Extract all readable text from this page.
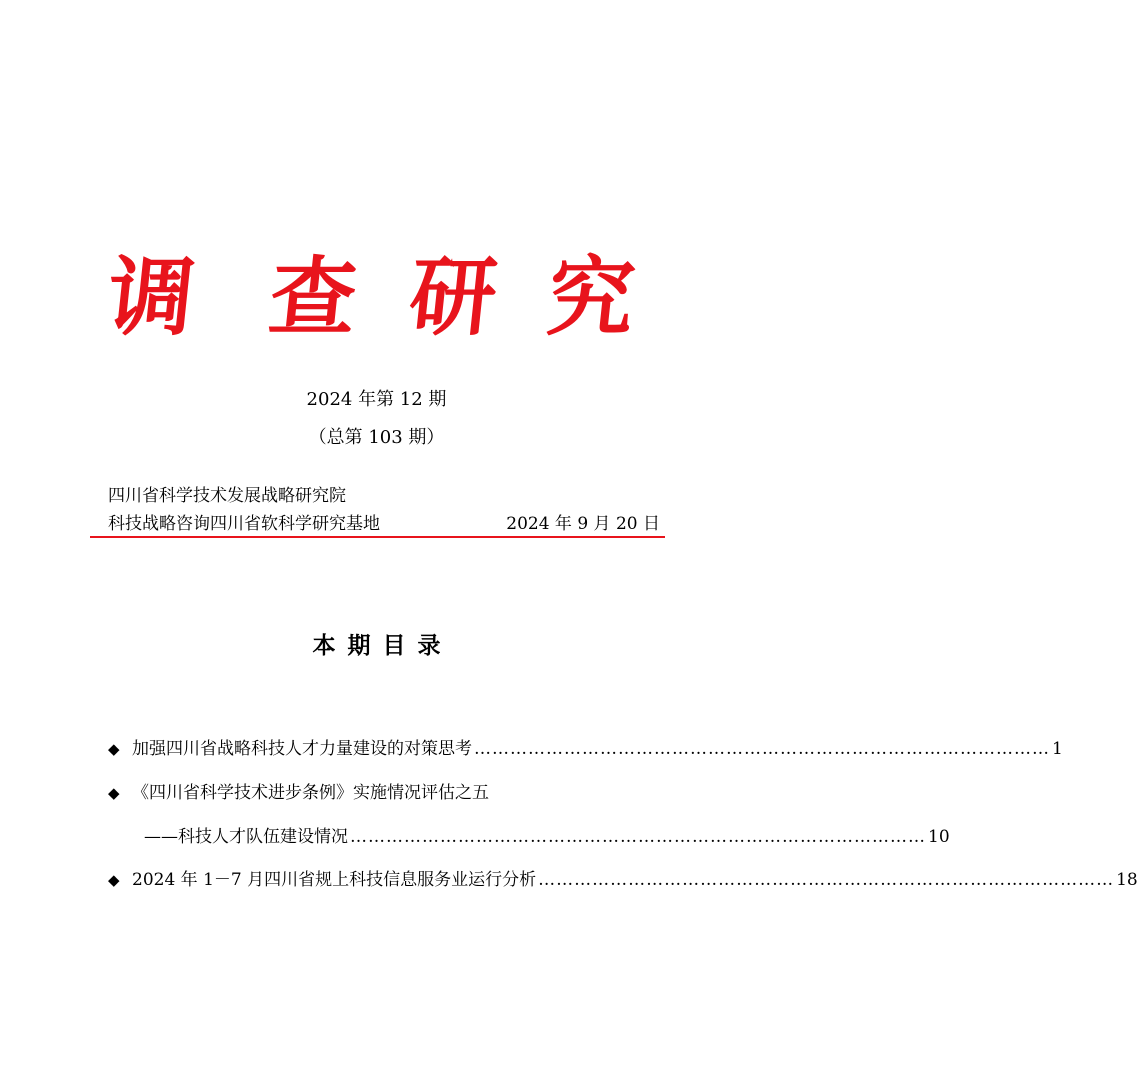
调 查 研 究
2024 年第 12 期
（总第 103 期）
四川省科学技术发展战略研究院
科技战略咨询四川省软科学研究基地	2024 年 9 月 20 日
本期目录
◆ 加强四川省战略科技人才力量建设的对策思考 …………………………………………………………………………………… 1
◆ 《四川省科学技术进步条例》实施情况评估之五
——科技人才队伍建设情况 …………………………………………………………………………………… 10
◆ 2024 年 1－7 月四川省规上科技信息服务业运行分析 …………………………………………………………………………………… 18
